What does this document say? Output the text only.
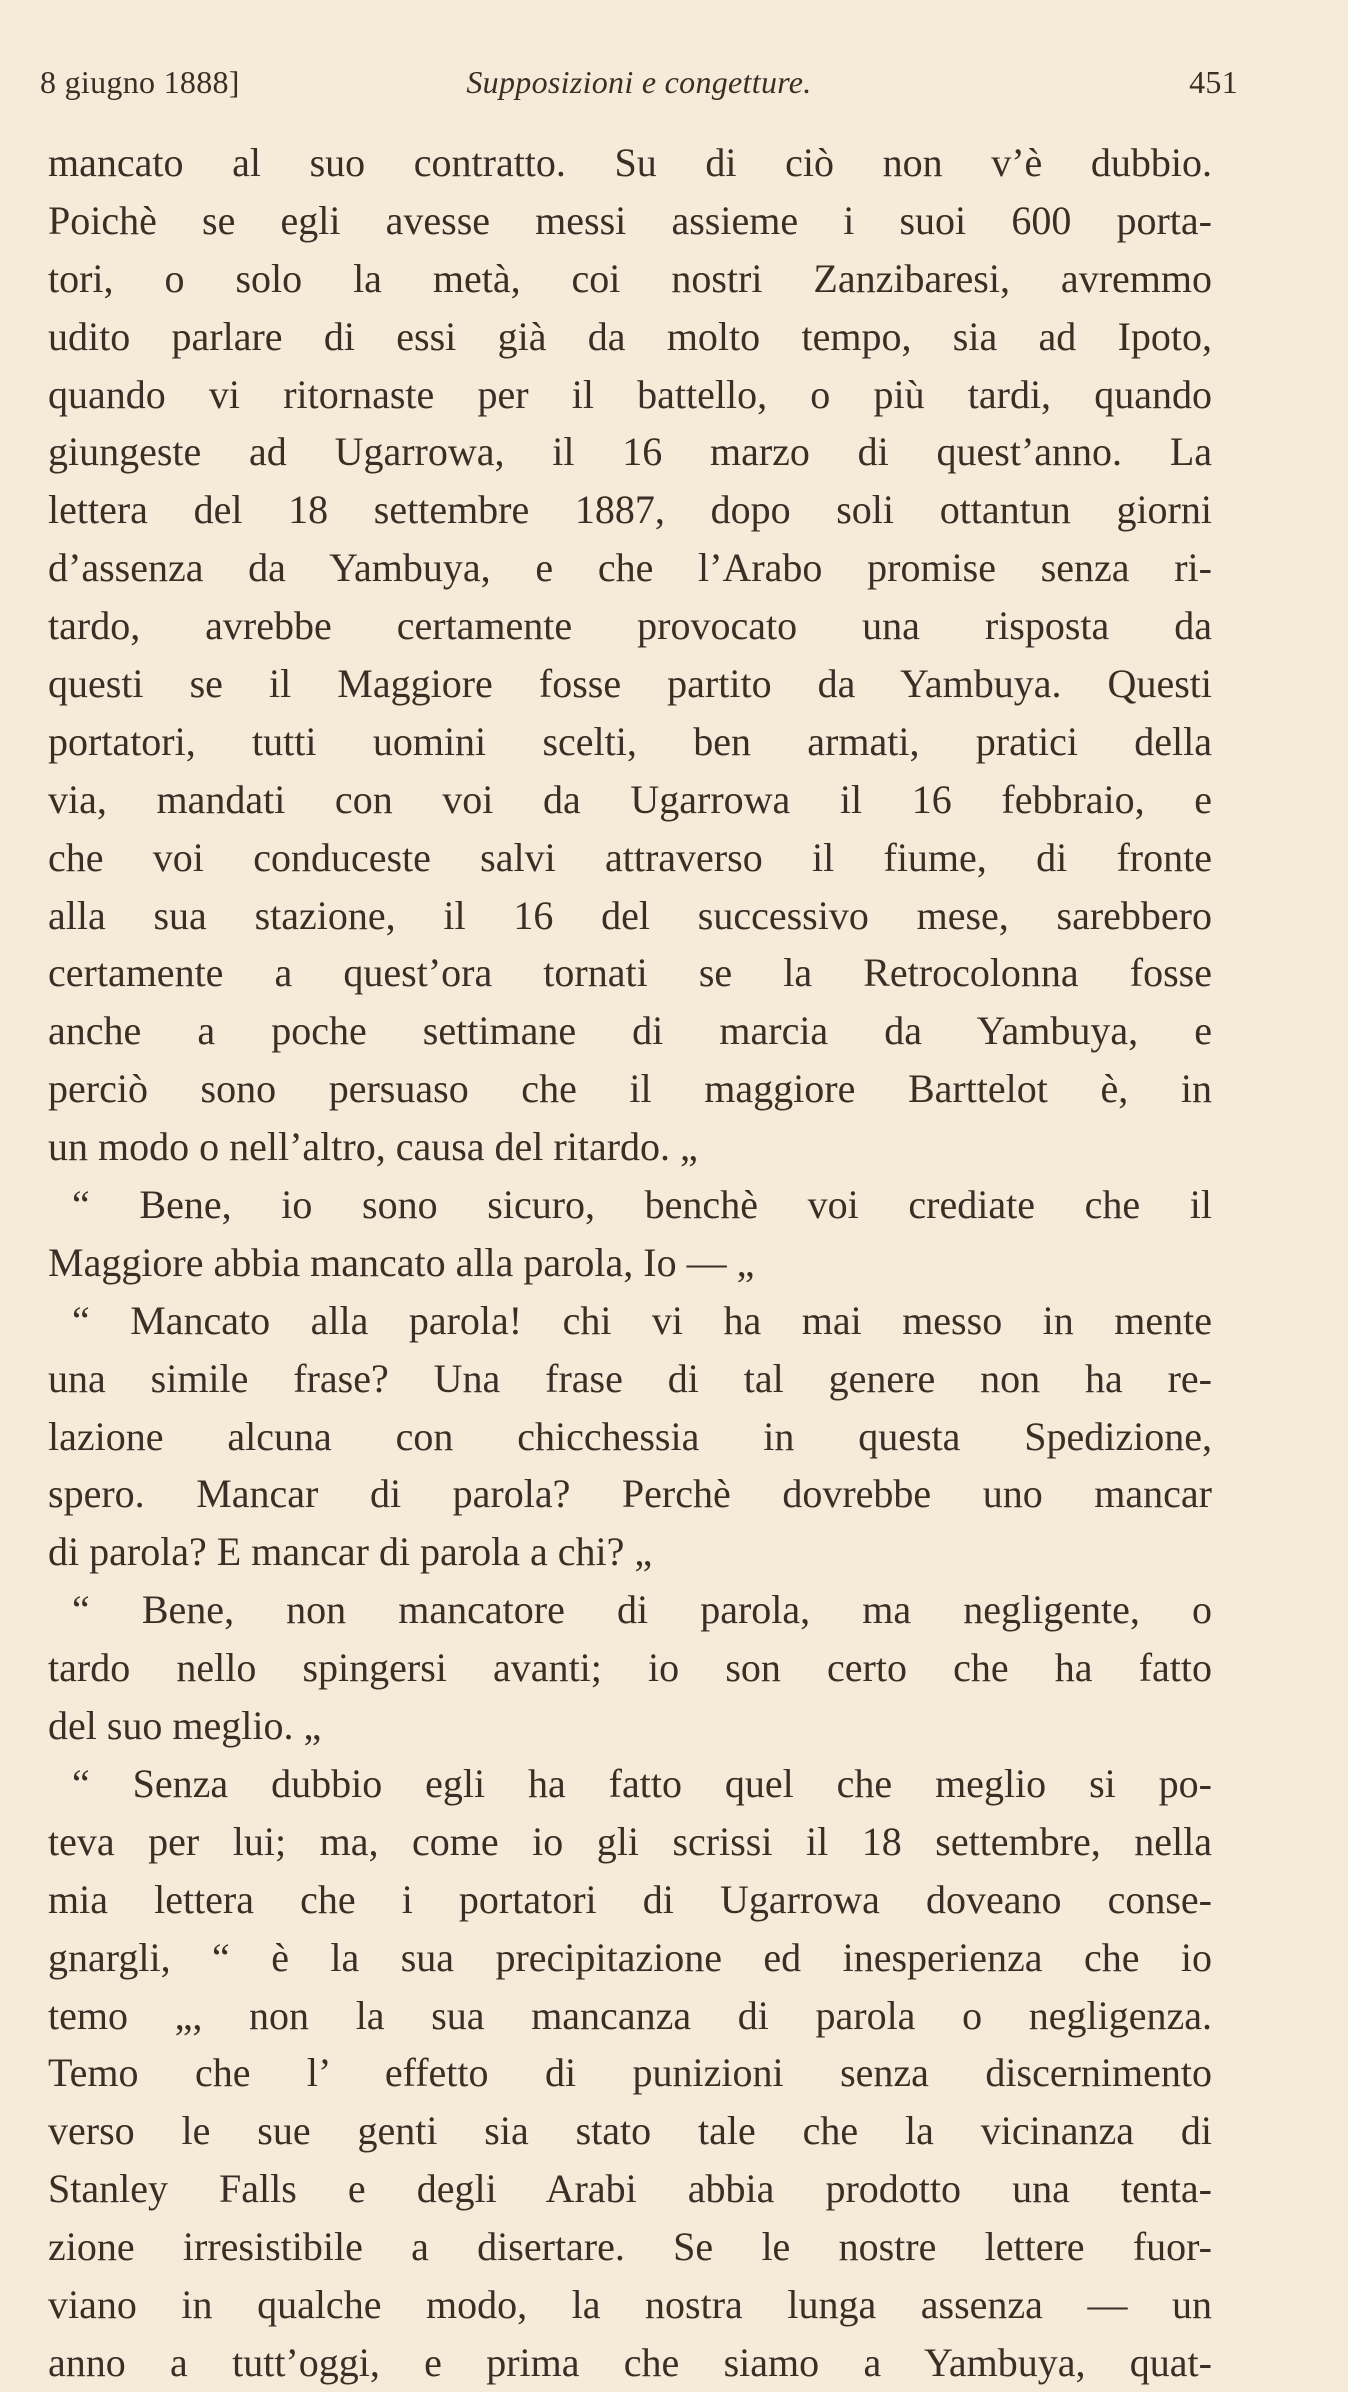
8 giugno 1888]	Supposizioni e congetture.	451
mancato al suo contratto. Su di ciò non v’è dubbio.
Poichè se egli avesse messi assieme i suoi 600 porta-
tori, o solo la metà, coi nostri Zanzibaresi, avremmo
udito parlare di essi già da molto tempo, sia ad Ipoto,
quando vi ritornaste per il battello, o più tardi, quando
giungeste ad Ugarrowa, il 16 marzo di quest’anno. La
lettera del 18 settembre 1887, dopo soli ottantun giorni
d’assenza da Yambuya, e che l’Arabo promise senza ri-
tardo, avrebbe certamente provocato una risposta da
questi se il Maggiore fosse partito da Yambuya. Questi
portatori, tutti uomini scelti, ben armati, pratici della
via, mandati con voi da Ugarrowa il 16 febbraio, e
che voi conduceste salvi attraverso il fiume, di fronte
alla sua stazione, il 16 del successivo mese, sarebbero
certamente a quest’ora tornati se la Retrocolonna fosse
anche a poche settimane di marcia da Yambuya, e
perciò sono persuaso che il maggiore Barttelot è, in
un modo o nell’altro, causa del ritardo. „
“ Bene, io sono sicuro, benchè voi crediate che il
Maggiore abbia mancato alla parola, Io — „
“ Mancato alla parola! chi vi ha mai messo in mente
una simile frase? Una frase di tal genere non ha re-
lazione alcuna con chicchessia in questa Spedizione,
spero. Mancar di parola? Perchè dovrebbe uno mancar
di parola? E mancar di parola a chi? „
“ Bene, non mancatore di parola, ma negligente, o
tardo nello spingersi avanti; io son certo che ha fatto
del suo meglio. „
“ Senza dubbio egli ha fatto quel che meglio si po-
teva per lui; ma, come io gli scrissi il 18 settembre, nella
mia lettera che i portatori di Ugarrowa doveano conse-
gnargli, “ è la sua precipitazione ed inesperienza che io
temo „, non la sua mancanza di parola o negligenza.
Temo che l’ effetto di punizioni senza discernimento
verso le sue genti sia stato tale che la vicinanza di
Stanley Falls e degli Arabi abbia prodotto una tenta-
zione irresistibile a disertare. Se le nostre lettere fuor-
viano in qualche modo, la nostra lunga assenza — un
anno a tutt’oggi, e prima che siamo a Yambuya, quat-
